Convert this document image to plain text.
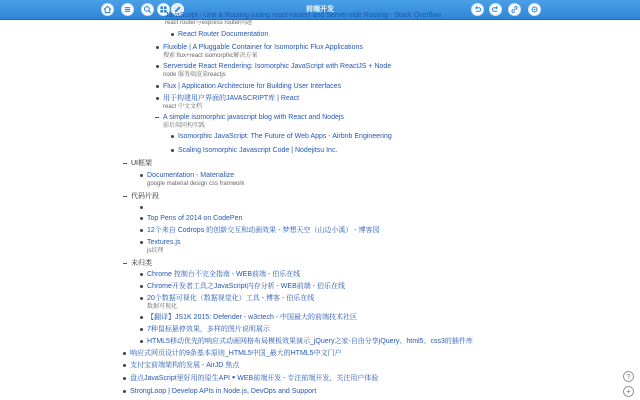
前端开发
JavaScript - Unit & Routing (using react-router) and Server-side Routing - Stack Overflow
react router与express router问题
React Router Documentation
Fluxible | A Pluggable Container for Isomorphic Flux Applications
搜索 flux+react isomorphic解决方案
Serverside React Rendering: Isomorphic JavaScript with ReactJS + Node
node 服务端渲染reactjs
Flux | Application Architecture for Building User Interfaces
用于构建用户界面的JAVASCRIPT库 | React
react 中文文档
A simple isomorphic javascript blog with React and Nodejs
前后端同构实践
Isomorphic JavaScript: The Future of Web Apps - Airbnb Engineering
Scaling Isomorphic Javascript Code | Nodejitsu Inc.
UI框架
Documentation - Materialize
google material design css framwork
代码片段
Top Pens of 2014 on CodePen
12个来自 Codrops 的创新交互和动画效果 - 梦想天空（山边小溪） - 博客园
Textures.js
js纹理
未归类
Chrome 控制台不完全指南 - WEB前端 - 伯乐在线
Chrome开发者工具之JavaScript内存分析 - WEB前端 - 伯乐在线
20个数据可视化（数据视觉化）工具 - 博客 - 伯乐在线
数据可视化
【翻译】JS1K 2015: Defender - w3ctech - 中国最大的前端技术社区
7种鼠标悬停效果，多样的图片说明展示
HTML5移动优先的响应式动画网格布局模板效果演示_jQuery之家-自由分享jQuery、html5、css3的插件库
响应式网页设计的9条基本原则_HTML5中国_最大的HTML5中文门户
支付宝前端架构的发展 - AirJD 焦点
盘点JavaScript里好用的原生API ꔷ WEB前端开发 - 专注前端开发，关注用户体验
StrongLoop | Develop APIs in Node.js, DevOps and Support
?
+
